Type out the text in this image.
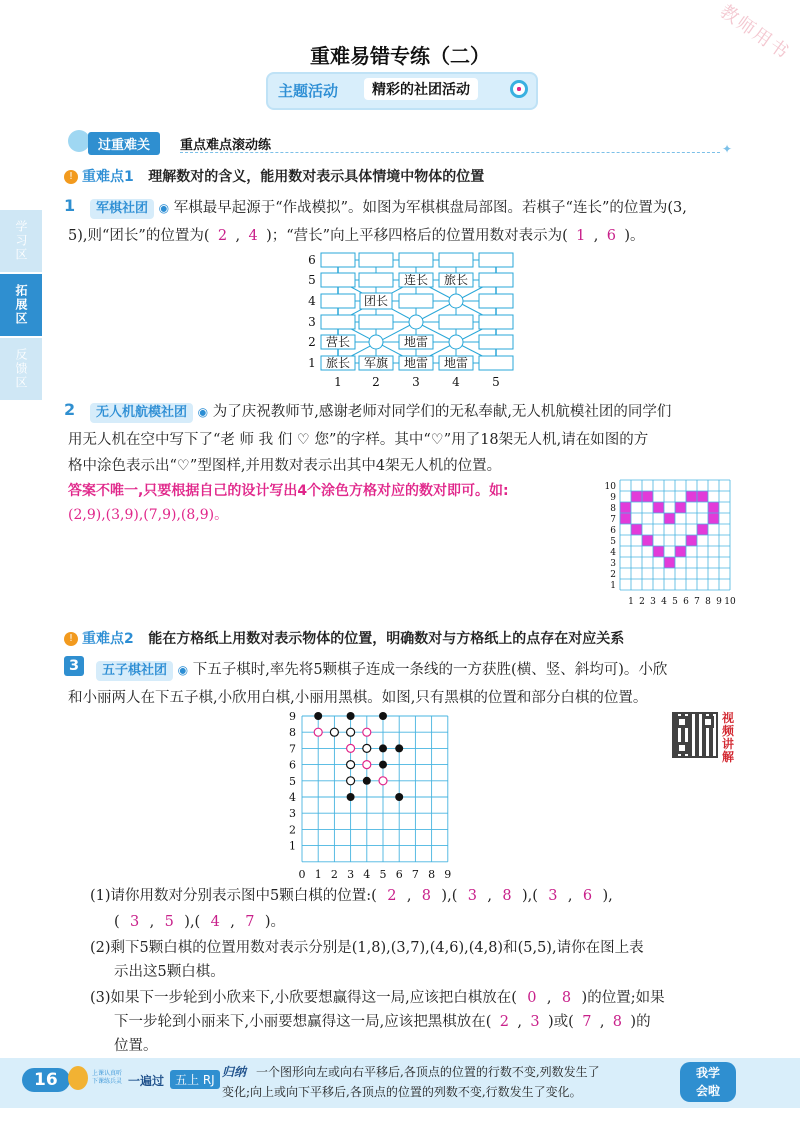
教师用书
重难易错专练（二）
主题活动	精彩的社团活动
过重难关	重点难点滚动练	✦
学习区
拓展区
反馈区
! 重难点1 理解数对的含义，能用数对表示具体情境中物体的位置
1	军棋社团 ◉ 军棋最早起源于“作战模拟”。如图为军棋棋盘局部图。若棋子“连长”的位置为(3,
5),则“团长”的位置为( 2 , 4 )；“营长”向上平移四格后的位置用数对表示为( 1 , 6 )。
连长 旅长
团长
营长	地雷
旅长 军旗 地雷 地雷
6
5
4
3
2
1
1	2	3	4	5
2	无人机航模社团 ◉ 为了庆祝教师节,感谢老师对同学们的无私奉献,无人机航模社团的同学们
用无人机在空中写下了“老 师 我 们 ♡ 您”的字样。其中“♡”用了18架无人机,请在如图的方
格中涂色表示出“♡”型图样,并用数对表示出其中4架无人机的位置。
答案不唯一,只要根据自己的设计写出4个涂色方格对应的数对即可。如:
(2,9),(3,9),(7,9),(8,9)。
10
9
8
7
6
5
4
3
2
1
1 2 3 4 5 6 7 8 9 10
! 重难点2 能在方格纸上用数对表示物体的位置，明确数对与方格纸上的点存在对应关系
3	五子棋社团 ◉ 下五子棋时,率先将5颗棋子连成一条线的一方获胜(横、竖、斜均可)。小欣
和小丽两人在下五子棋,小欣用白棋,小丽用黑棋。如图,只有黑棋的位置和部分白棋的位置。
视频讲解
9
8
7
6
5
4
3
2
1
0 1 2 3 4 5 6 7 8 9
(1)请你用数对分别表示图中5颗白棋的位置:( 2 , 8 ),( 3 , 8 ),( 3 , 6 ),
( 3 , 5 ),( 4 , 7 )。
(2)剩下5颗白棋的位置用数对表示分别是(1,8),(3,7),(4,6),(4,8)和(5,5),请你在图上表
示出这5颗白棋。
(3)如果下一步轮到小欣来下,小欣要想赢得这一局,应该把白棋放在( 0 , 8 )的位置;如果
下一步轮到小丽来下,小丽要想赢得这一局,应该把黑棋放在( 2 , 3 )或( 7 , 8 )的
位置。
16	上课认真听
下课练兵灵 一遍过 五上 RJ
归纳 一个图形向左或向右平移后,各顶点的位置的行数不变,列数发生了
变化;向上或向下平移后,各顶点的位置的列数不变,行数发生了变化。
我学会啦
